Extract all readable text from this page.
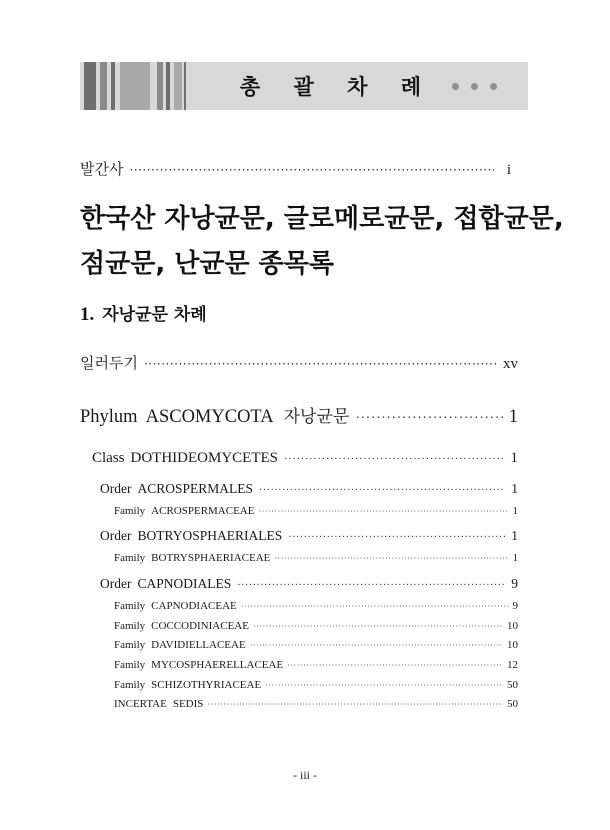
총 괄 차 례
발간사 ·····	i
한국산 자낭균문, 글로메로균문, 접합균문,
점균문, 난균문 종목록
1. 자낭균문 차례
일러두기 ·····	xv
Phylum ASCOMYCOTA 자낭균문 ·····	1
Class DOTHIDEOMYCETES ·····	1
Order ACROSPERMALES ·····	1
Family ACROSPERMACEAE ·····	1
Order BOTRYOSPHAERIALES ·····	1
Family BOTRYSPHAERIACEAE ·····	1
Order CAPNODIALES ·····	9
Family CAPNODIACEAE ·····	9
Family COCCODINIACEAE ·····	10
Family DAVIDIELLACEAE ·····	10
Family MYCOSPHAERELLACEAE ·····	12
Family SCHIZOTHYRIACEAE ·····	50
INCERTAE SEDIS ·····	50
- iii -
